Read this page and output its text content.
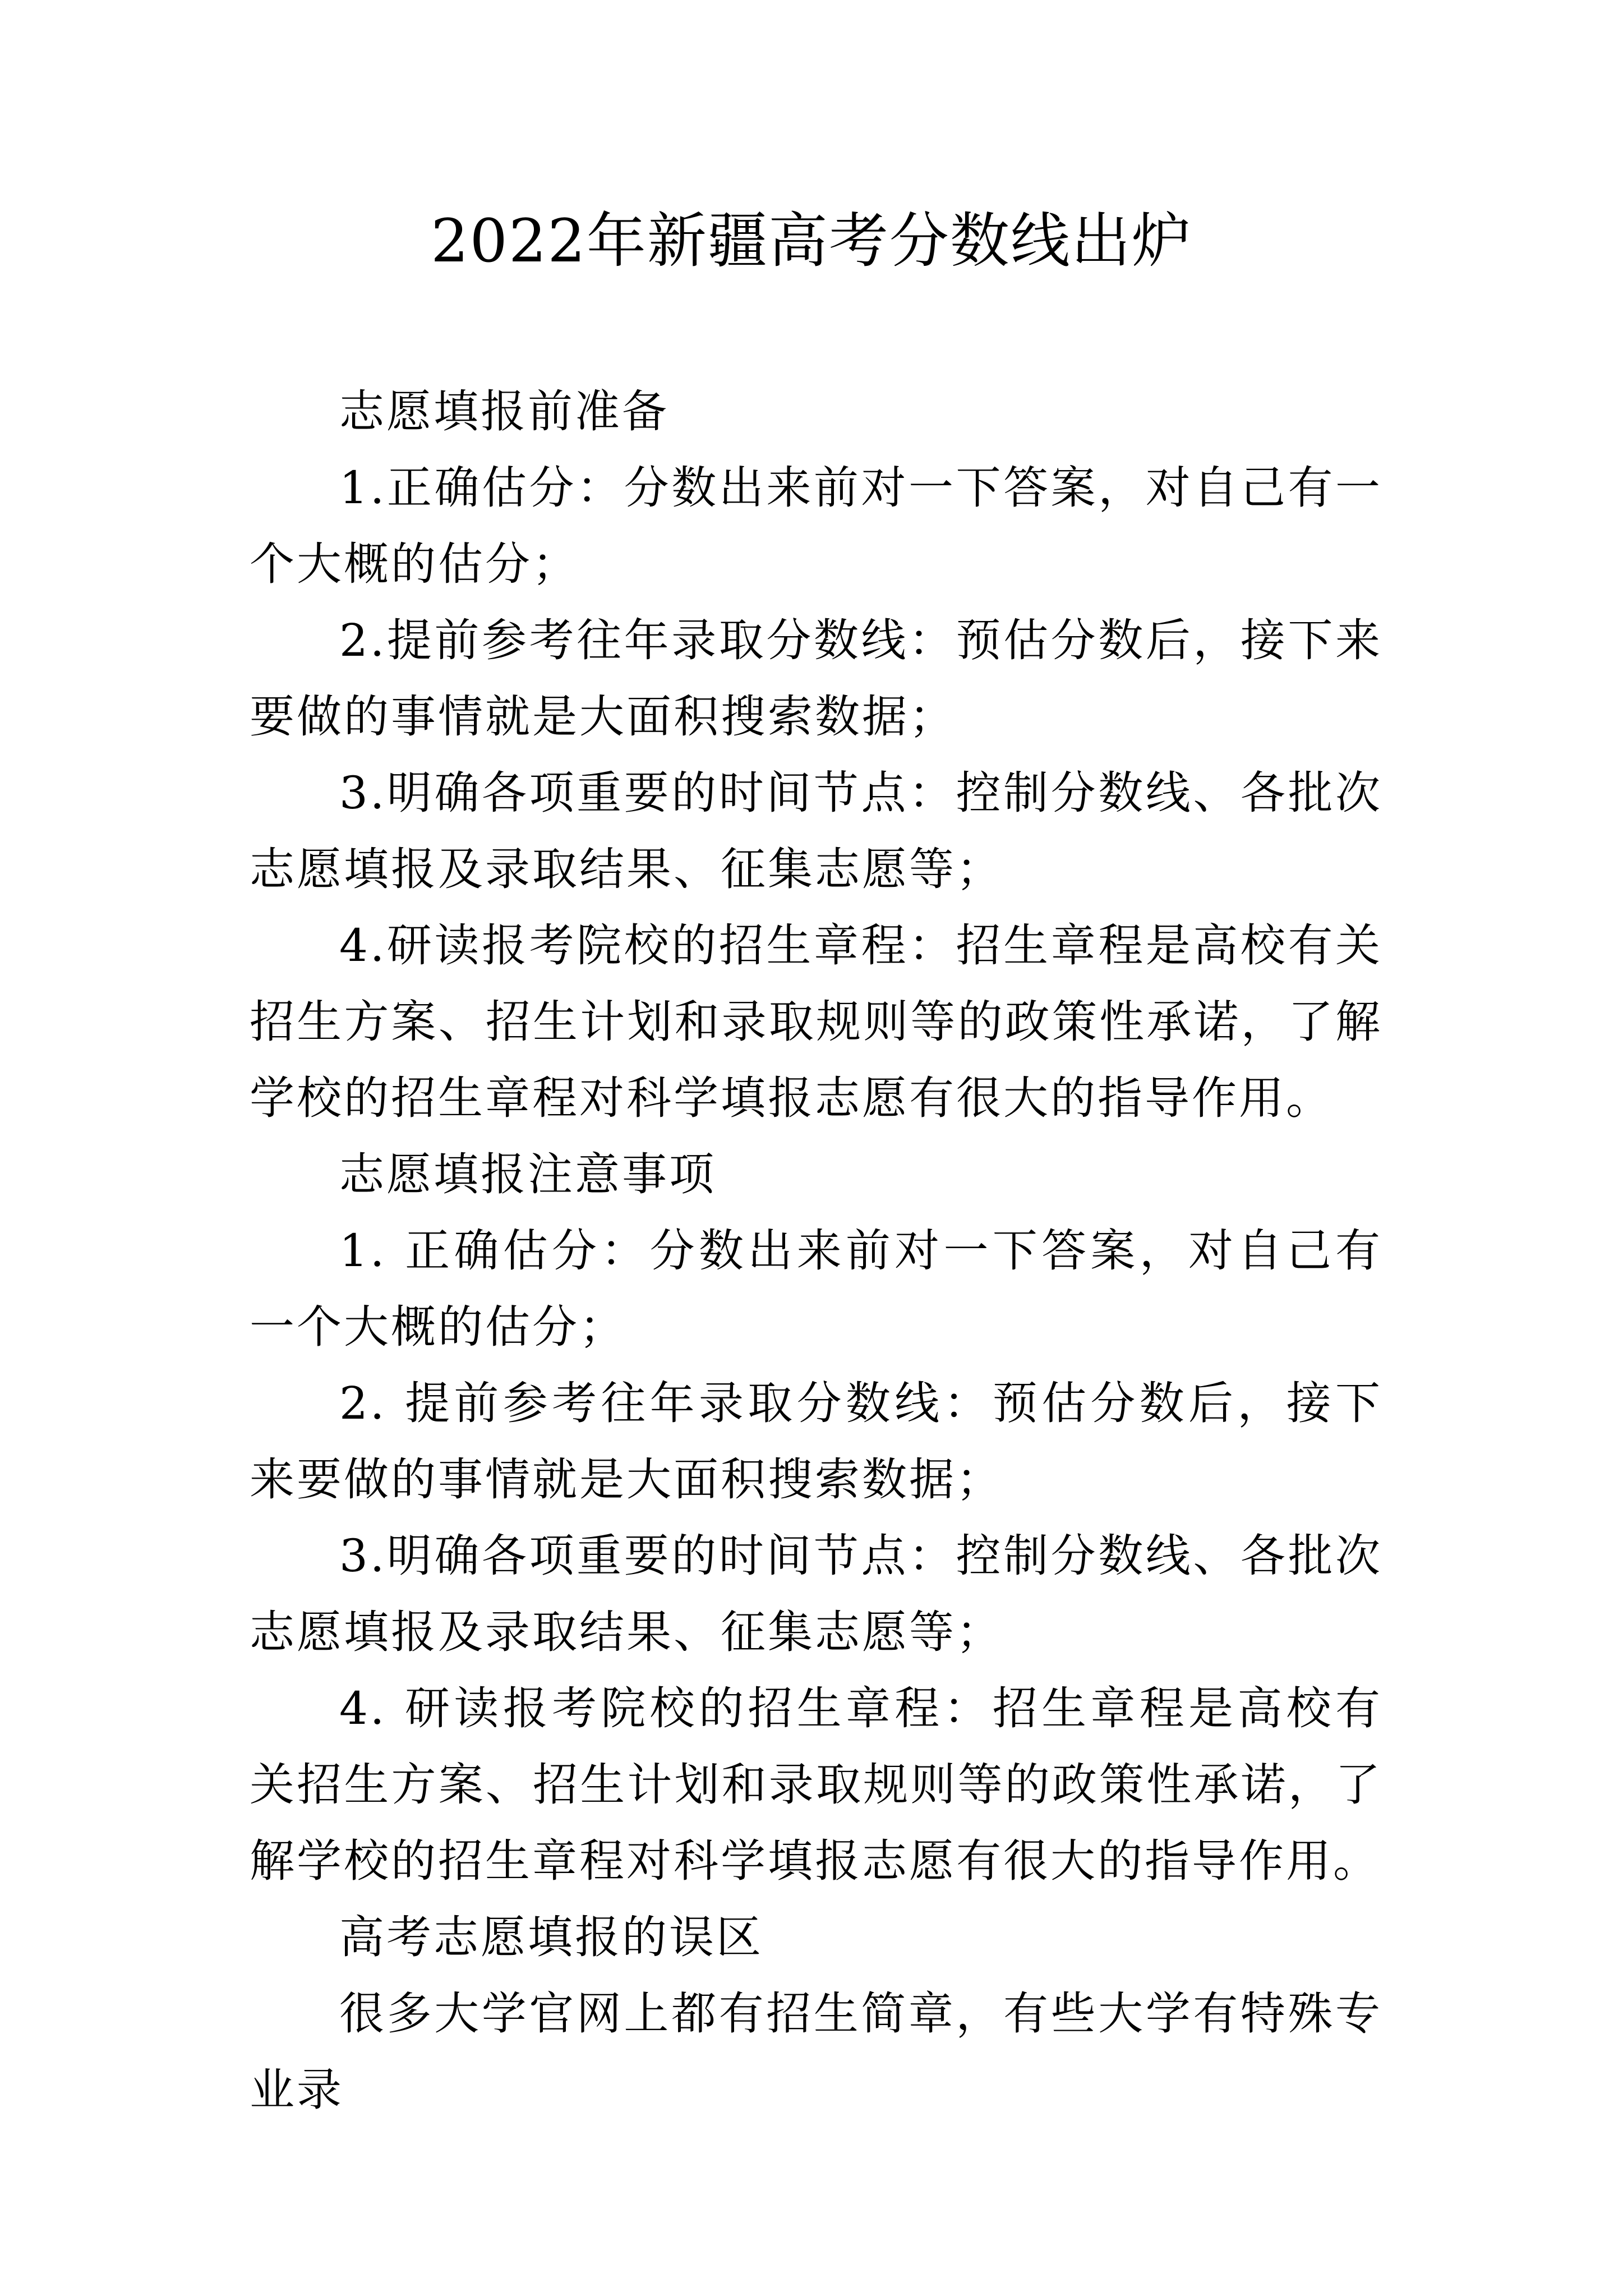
2022年新疆高考分数线出炉

志愿填报前准备

1.正确估分：分数出来前对一下答案，对自己有一个大概的估分；

2.提前参考往年录取分数线：预估分数后，接下来要做的事情就是大面积搜索数据；

3.明确各项重要的时间节点：控制分数线、各批次志愿填报及录取结果、征集志愿等；

4.研读报考院校的招生章程：招生章程是高校有关招生方案、招生计划和录取规则等的政策性承诺，了解学校的招生章程对科学填报志愿有很大的指导作用。

志愿填报注意事项

1. 正确估分：分数出来前对一下答案，对自己有一个大概的估分；

2. 提前参考往年录取分数线：预估分数后，接下来要做的事情就是大面积搜索数据；

3.明确各项重要的时间节点：控制分数线、各批次志愿填报及录取结果、征集志愿等；

4. 研读报考院校的招生章程：招生章程是高校有关招生方案、招生计划和录取规则等的政策性承诺，了解学校的招生章程对科学填报志愿有很大的指导作用。

高考志愿填报的误区

很多大学官网上都有招生简章，有些大学有特殊专业录
